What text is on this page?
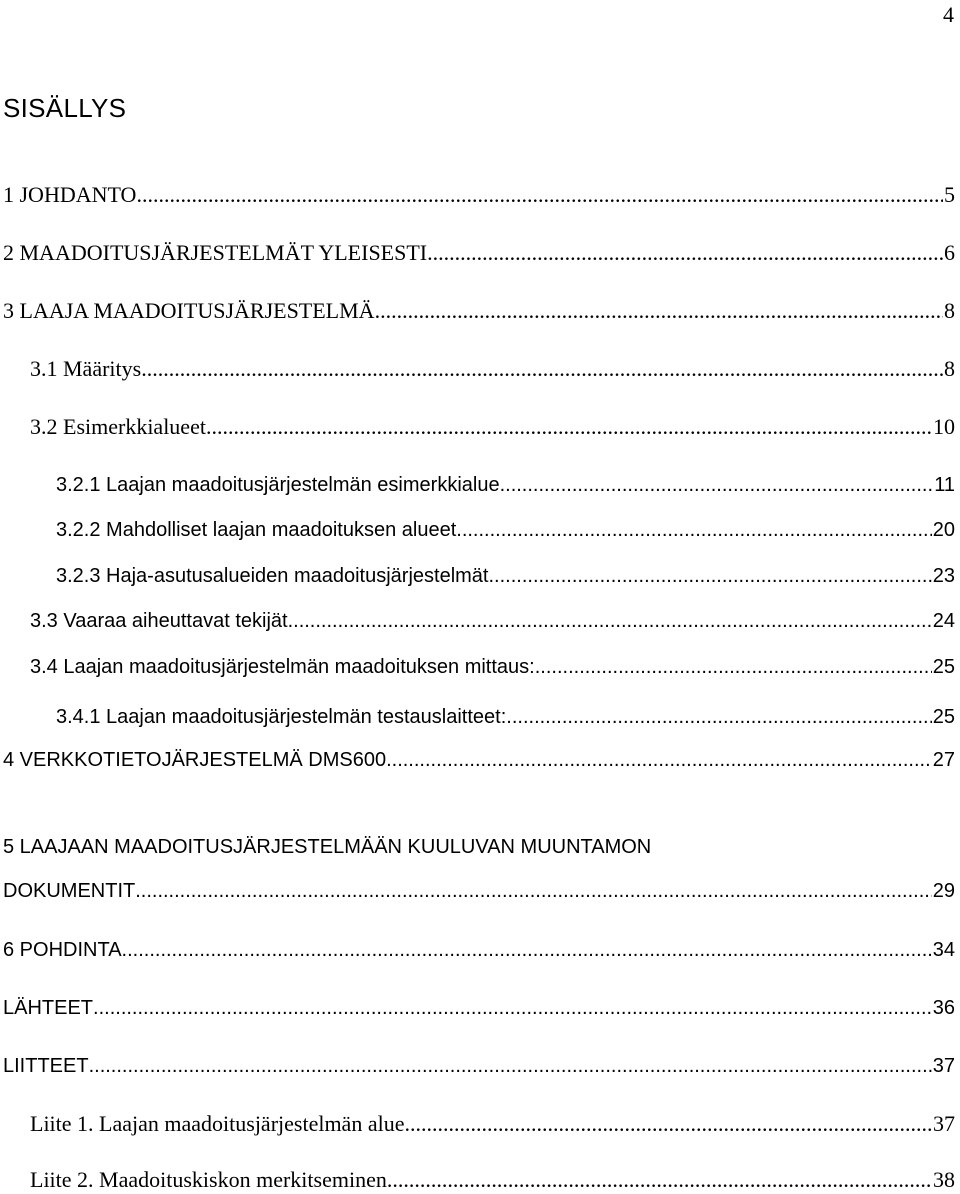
4
SISÄLLYS
1 JOHDANTO .....	5
2 MAADOITUSJÄRJESTELMÄT YLEISESTI .....	6
3 LAAJA MAADOITUSJÄRJESTELMÄ .....	8
3.1 Määritys .....	8
3.2 Esimerkkialueet .....	10
3.2.1 Laajan maadoitusjärjestelmän esimerkkialue .....	11
3.2.2 Mahdolliset laajan maadoituksen alueet .....	20
3.2.3 Haja-asutusalueiden maadoitusjärjestelmät .....	23
3.3 Vaaraa aiheuttavat tekijät .....	24
3.4 Laajan maadoitusjärjestelmän maadoituksen mittaus: .....	25
3.4.1 Laajan maadoitusjärjestelmän testauslaitteet: .....	25
4 VERKKOTIETOJÄRJESTELMÄ DMS600 .....	27
5 LAAJAAN MAADOITUSJÄRJESTELMÄÄN KUULUVAN MUUNTAMON
DOKUMENTIT .....	29
6 POHDINTA .....	34
LÄHTEET .....	36
LIITTEET .....	37
Liite 1. Laajan maadoitusjärjestelmän alue. .....	37
Liite 2. Maadoituskiskon merkitseminen. .....	38
